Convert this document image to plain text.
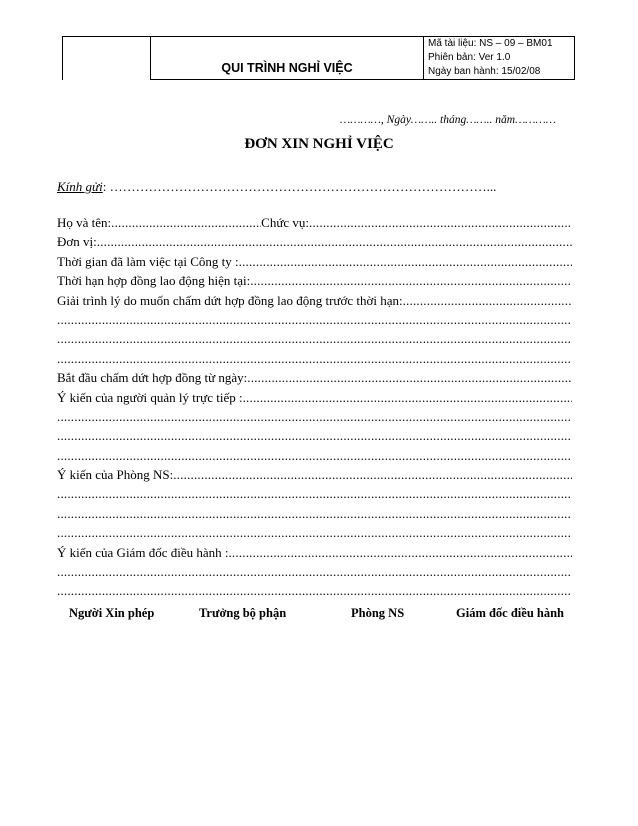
	QUI TRÌNH NGHỈ VIỆC	
Mã tài liệu: NS – 09 – BM01
Phiên bản: Ver 1.0
Ngày ban hành: 15/02/08
…………, Ngày…….. tháng…….. năm…………
ĐƠN XIN NGHỈ VIỆC
Kính gửi: ……………………………………………………………………………...
Họ và tên:
.....	Chức vụ:
.....
Đơn vị:
.....
Thời gian đã làm việc tại Công ty :
.....
Thời hạn hợp đồng lao động hiện tại:
.....
Giải trình lý do muốn chấm dứt hợp đồng lao động trước thời hạn:
.....
.....
.....
.....
Bắt đầu chấm dứt hợp đồng từ ngày:
.....
Ý kiến của người quản lý trực tiếp :
.....
.....
.....
.....
Ý kiến của Phòng NS:
.....
.....
.....
.....
Ý kiến của Giám đốc điều hành :
.....
.....
.....
Người Xin phép	Trưởng bộ phận	Phòng NS	Giám đốc điều hành
